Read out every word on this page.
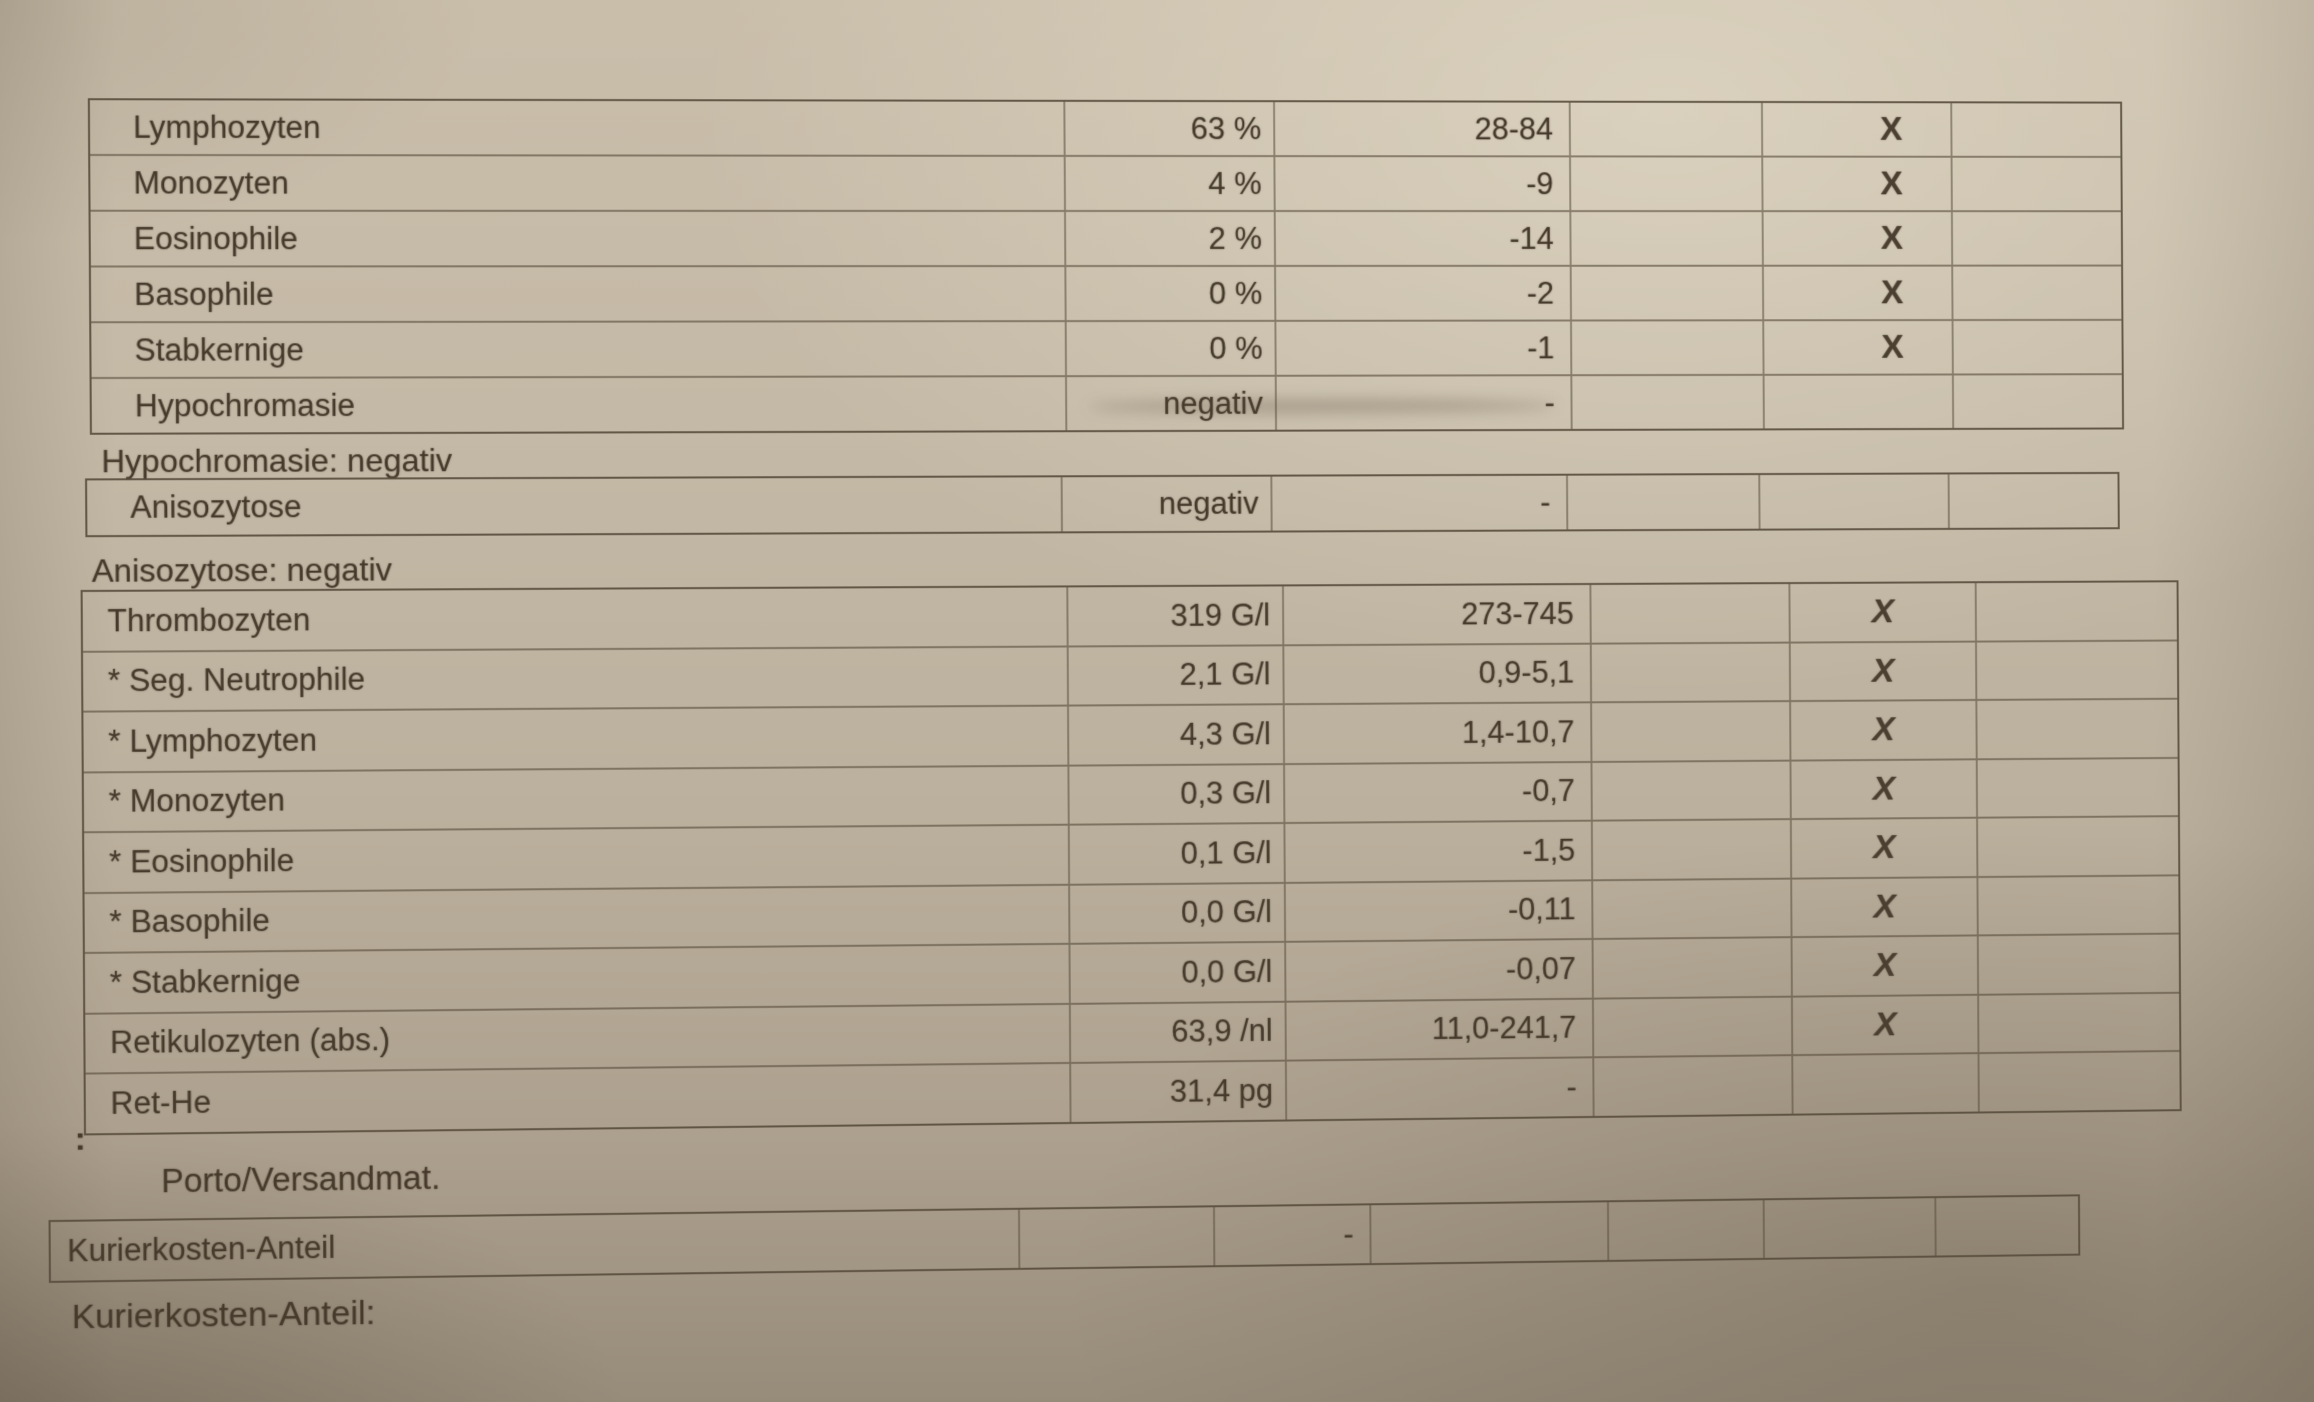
Lymphozyten	63 %	28-84	X
Monozyten	4 %	-9	X
Eosinophile	2 %	-14	X
Basophile	0 %	-2	X
Stabkernige	0 %	-1	X
Hypochromasie	negativ	-
Hypochromasie: negativ
Anisozytose	negativ	-
Anisozytose: negativ
Thrombozyten	319 G/l	273-745	X
* Seg. Neutrophile	2,1 G/l	0,9-5,1	X
* Lymphozyten	4,3 G/l	1,4-10,7	X
* Monozyten	0,3 G/l	-0,7	X
* Eosinophile	0,1 G/l	-1,5	X
* Basophile	0,0 G/l	-0,11	X
* Stabkernige	0,0 G/l	-0,07	X
Retikulozyten (abs.)	63,9 /nl	11,0-241,7	X
Ret-He	31,4 pg	-
:
Porto/Versandmat.
Kurierkosten-Anteil	-
Kurierkosten-Anteil:
